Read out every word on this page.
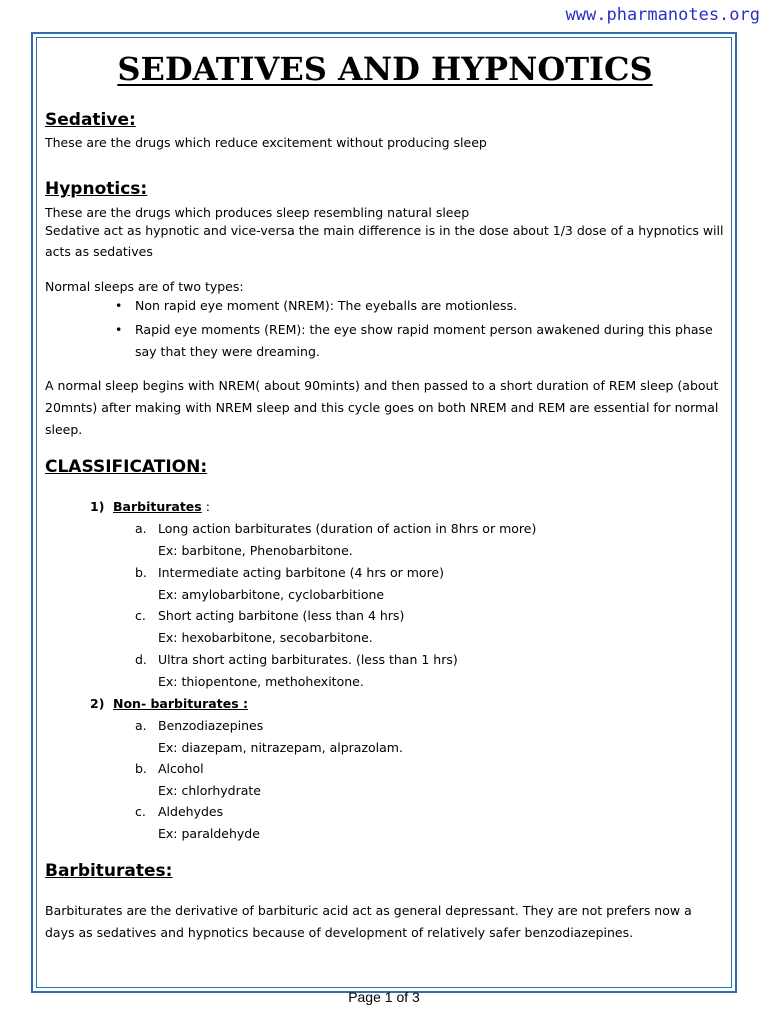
www.pharmanotes.org
SEDATIVES AND HYPNOTICS
Sedative:

These are the drugs which reduce excitement without producing sleep

Hypnotics:

These are the drugs which produces sleep resembling natural sleep

Sedative act as hypnotic and vice-versa the main difference is in the dose about 1/3 dose of a hypnotics will acts as sedatives

Normal sleeps are of two types:

• Non rapid eye moment (NREM): The eyeballs are motionless.
• Rapid eye moments (REM): the eye show rapid moment person awakened during this phase say that they were dreaming.

A normal sleep begins with NREM( about 90mints) and then passed to a short duration of REM sleep (about 20mnts) after making with NREM sleep and this cycle goes on both NREM and REM are essential for normal sleep.

CLASSIFICATION:
1) Barbiturates :
a. Long action barbiturates (duration of action in 8hrs or more)
Ex: barbitone, Phenobarbitone.
b. Intermediate acting barbitone (4 hrs or more)
Ex: amylobarbitone, cyclobarbitione
c. Short acting barbitone (less than 4 hrs)
Ex: hexobarbitone, secobarbitone.
d. Ultra short acting barbiturates. (less than 1 hrs)
Ex: thiopentone, methohexitone.
2) Non- barbiturates :
a. Benzodiazepines
Ex: diazepam, nitrazepam, alprazolam.
b. Alcohol
Ex: chlorhydrate
c. Aldehydes
Ex: paraldehyde
Barbiturates:

Barbiturates are the derivative of barbituric acid act as general depressant. They are not prefers now a days as sedatives and hypnotics because of development of relatively safer benzodiazepines.

Page 1 of 3
